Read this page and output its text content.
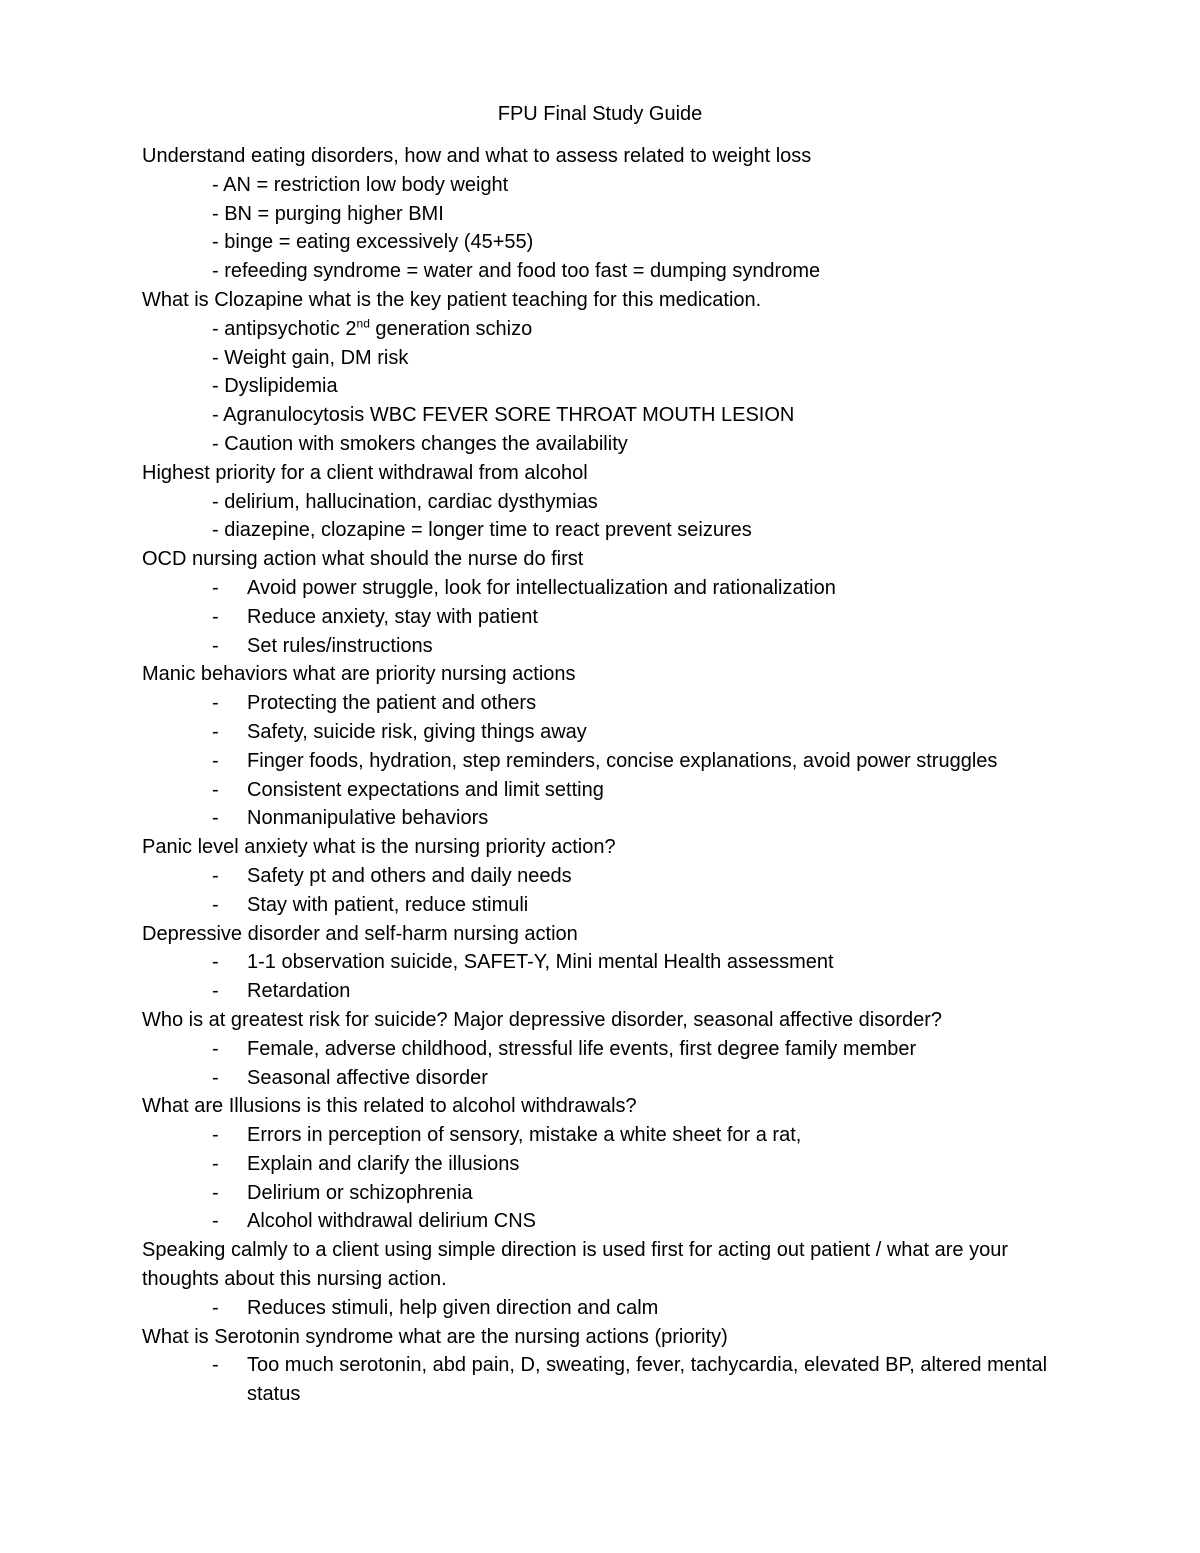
FPU Final Study Guide
Understand eating disorders, how and what to assess related to weight loss
- AN = restriction low body weight
- BN = purging higher BMI
- binge = eating excessively (45+55)
- refeeding syndrome = water and food too fast = dumping syndrome
What is Clozapine what is the key patient teaching for this medication.
- antipsychotic 2nd generation schizo
- Weight gain, DM risk
- Dyslipidemia
- Agranulocytosis WBC FEVER SORE THROAT MOUTH LESION
- Caution with smokers changes the availability
Highest priority for a client withdrawal from alcohol
- delirium, hallucination, cardiac dysthymias
- diazepine, clozapine = longer time to react prevent seizures
OCD nursing action what should the nurse do first
-	Avoid power struggle, look for intellectualization and rationalization
-	Reduce anxiety, stay with patient
-	Set rules/instructions
Manic behaviors what are priority nursing actions
-	Protecting the patient and others
-	Safety, suicide risk, giving things away
-	Finger foods, hydration, step reminders, concise explanations, avoid power struggles
-	Consistent expectations and limit setting
-	Nonmanipulative behaviors
Panic level anxiety what is the nursing priority action?
-	Safety pt and others and daily needs
-	Stay with patient, reduce stimuli
Depressive disorder and self-harm nursing action
-	1-1 observation suicide, SAFET-Y, Mini mental Health assessment
-	Retardation
Who is at greatest risk for suicide? Major depressive disorder, seasonal affective disorder?
-	Female, adverse childhood, stressful life events, first degree family member
-	Seasonal affective disorder
What are Illusions is this related to alcohol withdrawals?
-	Errors in perception of sensory, mistake a white sheet for a rat,
-	Explain and clarify the illusions
-	Delirium or schizophrenia
-	Alcohol withdrawal delirium CNS
Speaking calmly to a client using simple direction is used first for acting out patient / what are your thoughts about this nursing action.
-	Reduces stimuli, help given direction and calm
What is Serotonin syndrome what are the nursing actions (priority)
-	Too much serotonin, abd pain, D, sweating, fever, tachycardia, elevated BP, altered mental status
